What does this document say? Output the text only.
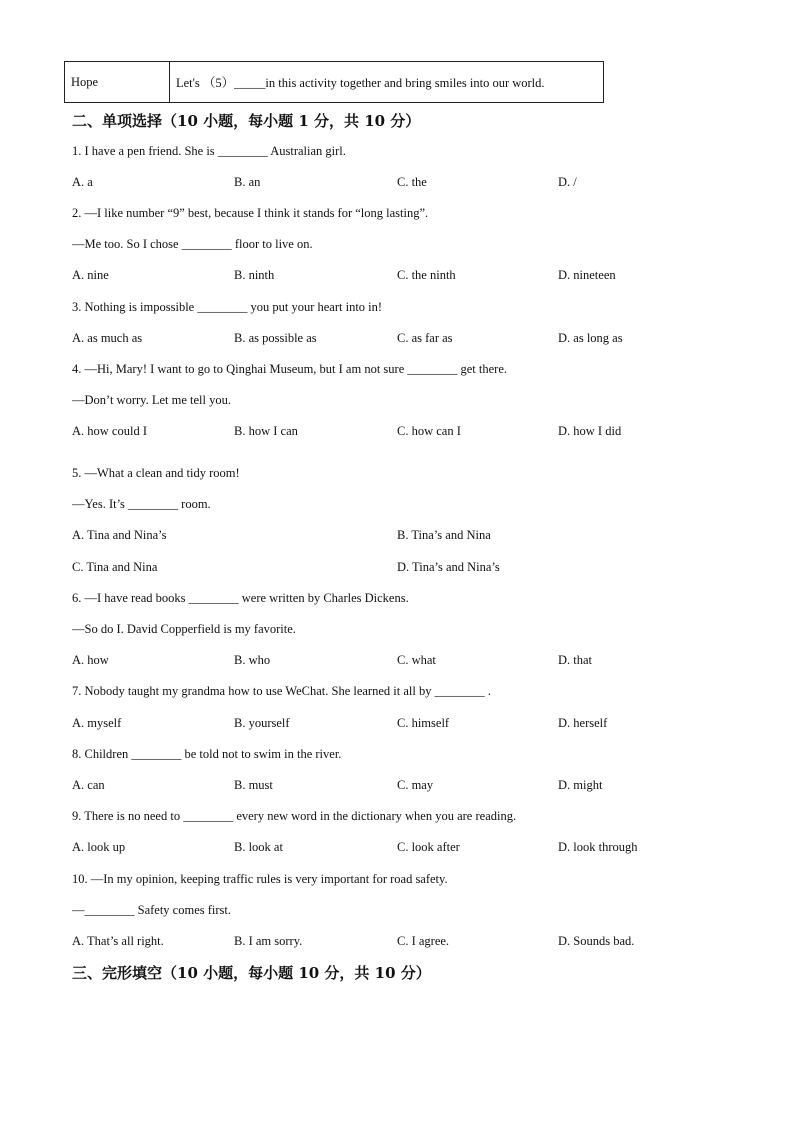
Hope	Let's （5）_____in this activity together and bring smiles into our world.
二、单项选择（10 小题，每小题 1 分，共 10 分）
1. I have a pen friend. She is ________ Australian girl.
A. a	B. an	C. the	D. /
2. —I like number “9” best, because I think it stands for “long lasting”.
—Me too. So I chose ________ floor to live on.
A. nine	B. ninth	C. the ninth	D. nineteen
3. Nothing is impossible ________ you put your heart into in!
A. as much as	B. as possible as	C. as far as	D. as long as
4. —Hi, Mary! I want to go to Qinghai Museum, but I am not sure ________ get there.
—Don’t worry. Let me tell you.
A. how could I	B. how I can	C. how can I	D. how I did
5. —What a clean and tidy room!
—Yes. It’s ________ room.
A. Tina and Nina’s	B. Tina’s and Nina
C. Tina and Nina	D. Tina’s and Nina’s
6. —I have read books ________ were written by Charles Dickens.
—So do I. David Copperfield is my favorite.
A. how	B. who	C. what	D. that
7. Nobody taught my grandma how to use WeChat. She learned it all by ________ .
A. myself	B. yourself	C. himself	D. herself
8. Children ________ be told not to swim in the river.
A. can	B. must	C. may	D. might
9. There is no need to ________ every new word in the dictionary when you are reading.
A. look up	B. look at	C. look after	D. look through
10. —In my opinion, keeping traffic rules is very important for road safety.
—________ Safety comes first.
A. That’s all right.	B. I am sorry.	C. I agree.	D. Sounds bad.
三、完形填空（10 小题，每小题 10 分，共 10 分）
